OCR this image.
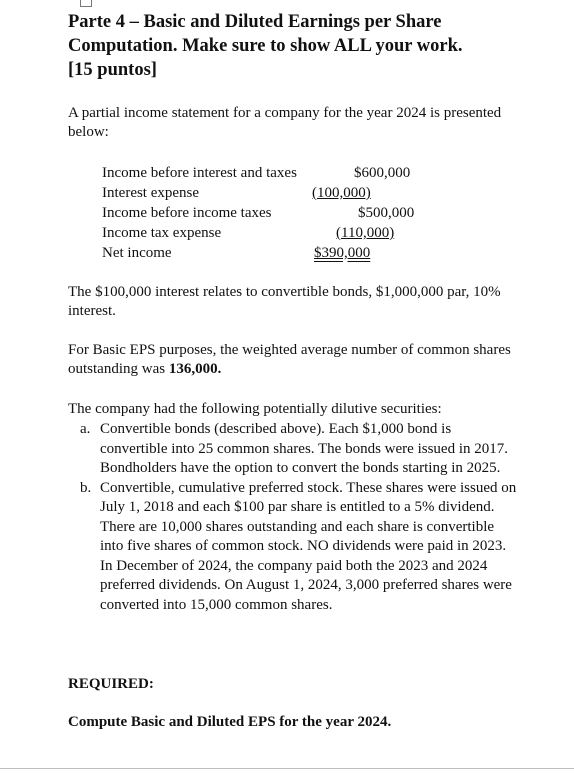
Parte 4 – Basic and Diluted Earnings per Share
Computation. Make sure to show ALL your work.
[15 puntos]
A partial income statement for a company for the year 2024 is presented below:
Income before interest and taxes	$600,000
Interest expense	(100,000)
Income before income taxes	$500,000
Income tax expense	(110,000)
Net income	$390,000
The $100,000 interest relates to convertible bonds, $1,000,000 par, 10% interest.
For Basic EPS purposes, the weighted average number of common shares outstanding was 136,000.
The company had the following potentially dilutive securities:
a. Convertible bonds (described above). Each $1,000 bond is convertible into 25 common shares. The bonds were issued in 2017. Bondholders have the option to convert the bonds starting in 2025.
b. Convertible, cumulative preferred stock. These shares were issued on July 1, 2018 and each $100 par share is entitled to a 5% dividend. There are 10,000 shares outstanding and each share is convertible into five shares of common stock. NO dividends were paid in 2023. In December of 2024, the company paid both the 2023 and 2024 preferred dividends. On August 1, 2024, 3,000 preferred shares were converted into 15,000 common shares.
REQUIRED:
Compute Basic and Diluted EPS for the year 2024.
